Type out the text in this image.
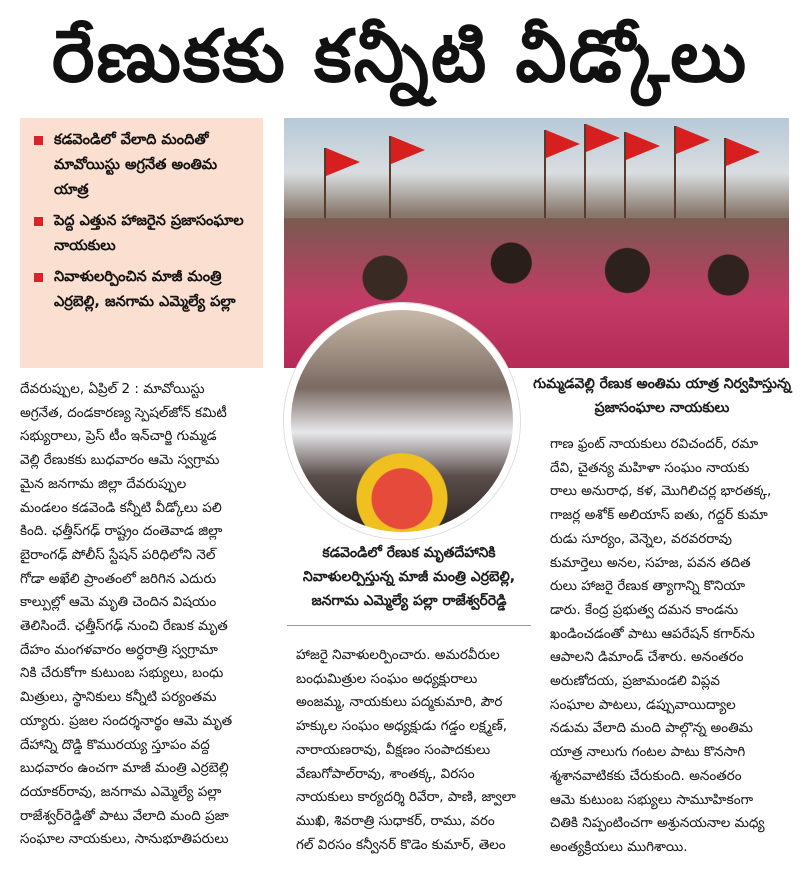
రేణుకకు కన్నీటి వీడ్కోలు
కడవెండిలో వేలాది మందితో మావోయిస్టు అగ్రనేత అంతిమ యాత్ర
పెద్ద ఎత్తున హాజరైన ప్రజాసంఘాల నాయకులు
నివాళులర్పించిన మాజీ మంత్రి ఎర్రబెల్లి, జనగామ ఎమ్మెల్యే పల్లా
గుమ్మడవెల్లి రేణుక అంతిమ యాత్ర నిర్వహిస్తున్న ప్రజాసంఘాల నాయకులు
దేవరుప్పుల, ఏప్రిల్ 2 : మావోయిస్టు
అగ్రనేత, దండకారణ్య స్పెషల్‌జోన్ కమిటీ
సభ్యురాలు, ప్రెస్ టీం ఇన్‌చార్జి గుమ్మడ
వెల్లి రేణుకకు బుధవారం ఆమె స్వగ్రామ
మైన జనగామ జిల్లా దేవరుప్పుల
మండలం కడవెండి కన్నీటి వీడ్కోలు పలి
కింది. ఛత్తీస్‌గఢ్ రాష్ట్రం దంతెవాడ జిల్లా
బైరాంగఢ్ పోలీస్ స్టేషన్ పరిధిలోని నెల్
గోడా అఖేలి ప్రాంతంలో జరిగిన ఎదురు
కాల్పుల్లో ఆమె మృతి చెందిన విషయం
తెలిసిందే. ఛత్తీస్‌గఢ్ నుంచి రేణుక మృత
దేహం మంగళవారం అర్ధరాత్రి స్వగ్రామా
నికి చేరుకోగా కుటుంబ సభ్యులు, బంధు
మిత్రులు, స్థానికులు కన్నీటి పర్యంతమ
య్యారు. ప్రజల సందర్శనార్థం ఆమె మృత
దేహాన్ని దొడ్డి కొమురయ్య స్తూపం వద్ద
బుధవారం ఉంచగా మాజీ మంత్రి ఎర్రబెల్లి
దయాకర్‌రావు, జనగామ ఎమ్మెల్యే పల్లా
రాజేశ్వర్‌రెడ్డితో పాటు వేలాది మంది ప్రజా
సంఘాల నాయకులు, సానుభూతిపరులు
కడవెండిలో రేణుక మృతదేహానికి నివాళులర్పిస్తున్న మాజీ మంత్రి ఎర్రబెల్లి, జనగామ ఎమ్మెల్యే పల్లా రాజేశ్వర్‌రెడ్డి
హాజరై నివాళులర్పించారు. అమరవీరుల
బంధుమిత్రుల సంఘం అధ్యక్షురాలు
అంజమ్మ, నాయకులు పద్మకుమారి, పౌర
హక్కుల సంఘం అధ్యక్షుడు గడ్డం లక్ష్మణ్,
నారాయణరావు, వీక్షణం సంపాదకులు
వేణుగోపాల్‌రావు, శాంతక్క, విరసం
నాయకులు కార్యదర్శి రివేరా, పాణి, జ్వాలా
ముఖి, శివరాత్రి సుధాకర్, రాము, వరం
గల్ విరసం కన్వీనర్ కొడెం కుమార్, తెలం
గాణ ఫ్రంట్ నాయకులు రవిచందర్, రమా
దేవి, చైతన్య మహిళా సంఘం నాయకు
రాలు అనురాధ, కళ, మొగిలిచర్ల భారతక్క,
గాజర్ల అశోక్ అలియాస్ ఐతు, గద్దర్ కుమా
రుడు సూర్యం, వెన్నెల, వరవరరావు
కుమార్తెలు అనల, సహజ, పవన తదిత
రులు హాజరై రేణుక త్యాగాన్ని కొనియా
డారు. కేంద్ర ప్రభుత్వ దమన కాండను
ఖండించడంతో పాటు ఆపరేషన్ కగార్‌ను
ఆపాలని డిమాండ్ చేశారు. అనంతరం
అరుణోదయ, ప్రజామండలి విప్లవ
సంఘాల పాటలు, డప్పువాయిద్యాల
నడుమ వేలాది మంది పాల్గొన్న అంతిమ
యాత్ర నాలుగు గంటల పాటు కొనసాగి
శ్మశానవాటికకు చేరుకుంది. అనంతరం
ఆమె కుటుంబ సభ్యులు సామూహికంగా
చితికి నిప్పంటించగా అశ్రునయనాల మధ్య
అంత్యక్రియలు ముగిశాయి.
